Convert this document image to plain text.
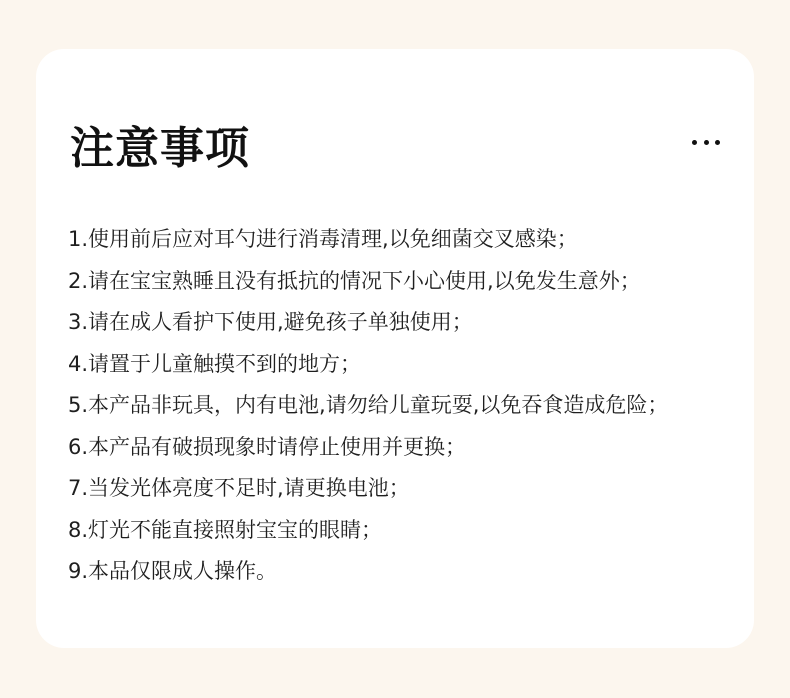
注意事项
1.使用前后应对耳勺进行消毒清理,以免细菌交叉感染；
2.请在宝宝熟睡且没有抵抗的情况下小心使用,以免发生意外；
3.请在成人看护下使用,避免孩子单独使用；
4.请置于儿童触摸不到的地方；
5.本产品非玩具，内有电池,请勿给儿童玩耍,以免吞食造成危险；
6.本产品有破损现象时请停止使用并更换；
7.当发光体亮度不足时,请更换电池；
8.灯光不能直接照射宝宝的眼睛；
9.本品仅限成人操作。
